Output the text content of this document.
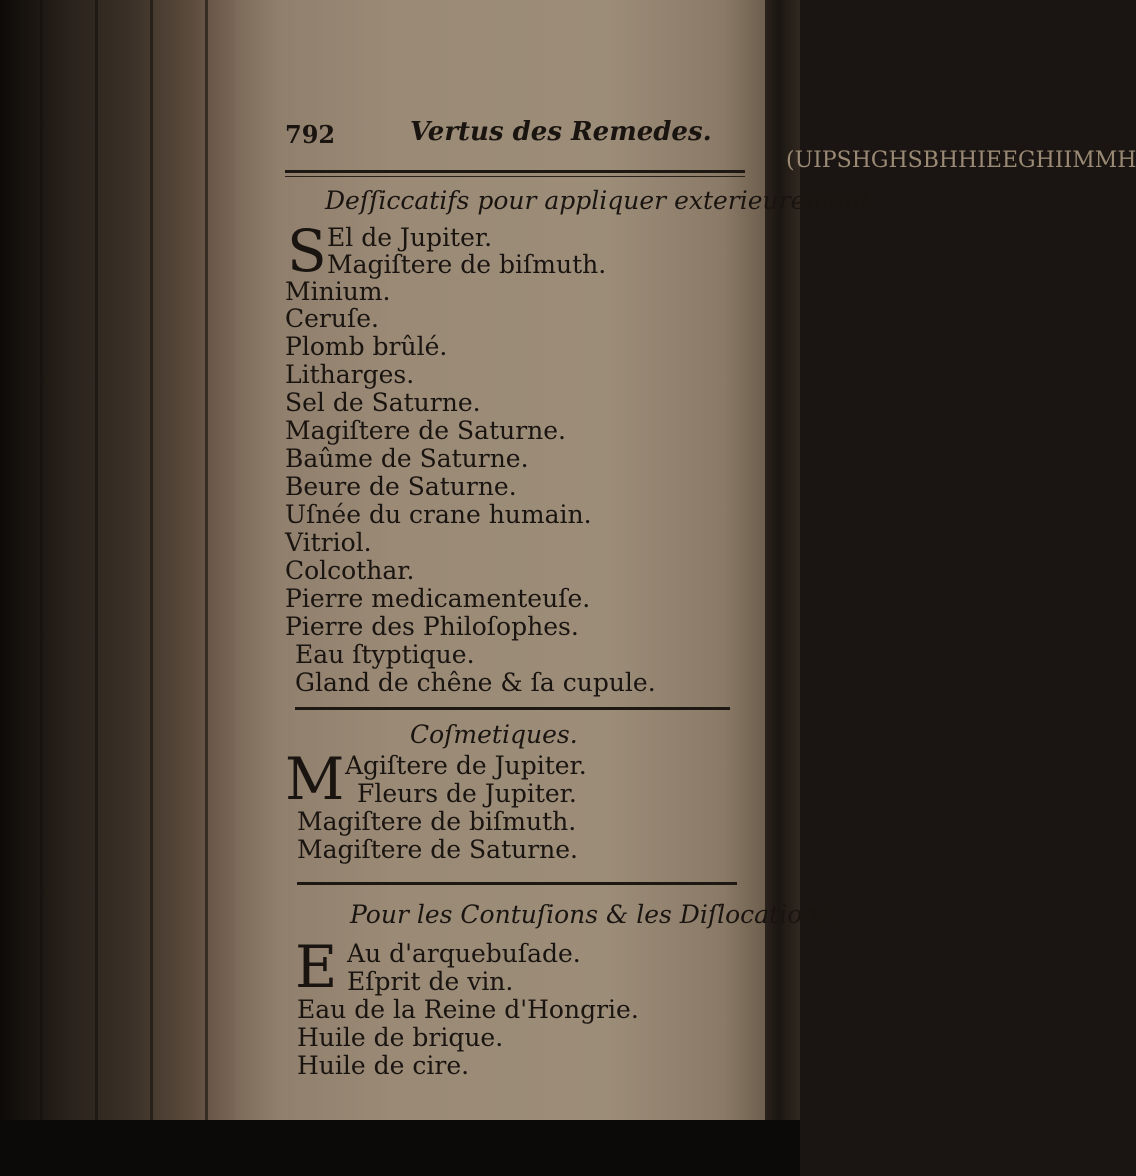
(UIPSHGHSBHHIEEGHIIMMH
792	Vertus des Remedes.
Deſſiccatifs pour appliquer exterieurement.
S El de Jupiter.
Magiſtere de biſmuth.
Minium.
Ceruſe.
Plomb brûlé.
Litharges.
Sel de Saturne.
Magiſtere de Saturne.
Baûme de Saturne.
Beure de Saturne.
Uſnée du crane humain.
Vitriol.
Colcothar.
Pierre medicamenteuſe.
Pierre des Philoſophes.
Eau ſtyptique.
Gland de chêne & ſa cupule.
Coſmetiques.
M Agiſtere de Jupiter.
Fleurs de Jupiter.
Magiſtere de biſmuth.
Magiſtere de Saturne.
Pour les Contuſions & les Diſlocations.
E Au d'arquebuſade.
Eſprit de vin.
Eau de la Reine d'Hongrie.
Huile de brique.
Huile de cire.
